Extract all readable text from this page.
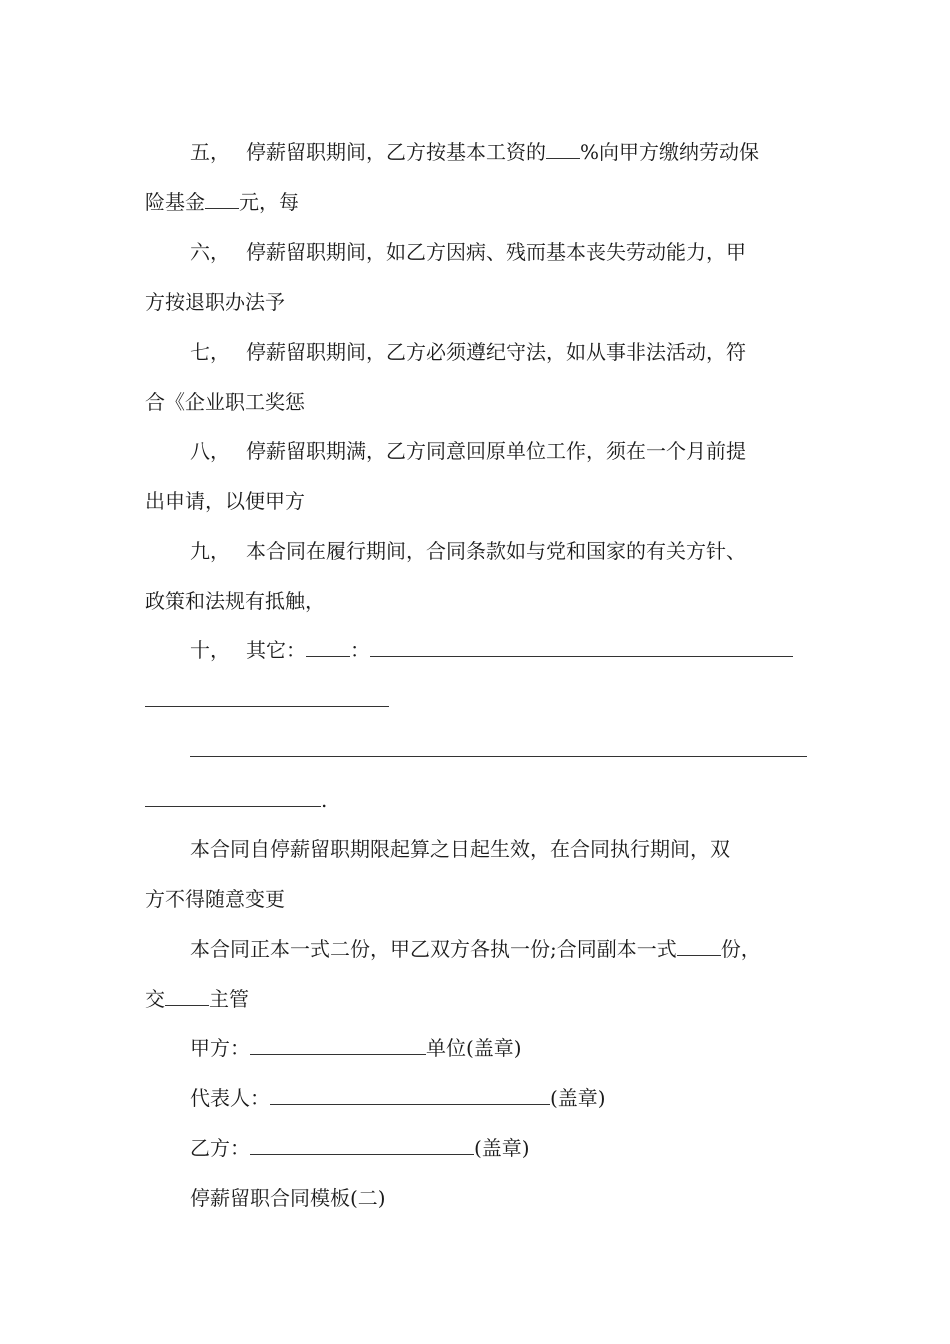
五， 停薪留职期间，乙方按基本工资的 %向甲方缴纳劳动保
险基金 元，每
六， 停薪留职期间，如乙方因病、残而基本丧失劳动能力，甲
方按退职办法予
七， 停薪留职期间，乙方必须遵纪守法，如从事非法活动，符
合《企业职工奖惩
八， 停薪留职期满，乙方同意回原单位工作，须在一个月前提
出申请，以便甲方
九， 本合同在履行期间，合同条款如与党和国家的有关方针、
政策和法规有抵触，
十， 其它： ：
.
本合同自停薪留职期限起算之日起生效，在合同执行期间，双
方不得随意变更
本合同正本一式二份，甲乙双方各执一份;合同副本一式 份，
交 主管
甲方：	单位(盖章)
代表人：	(盖章)
乙方：	(盖章)
停薪留职合同模板(二)
